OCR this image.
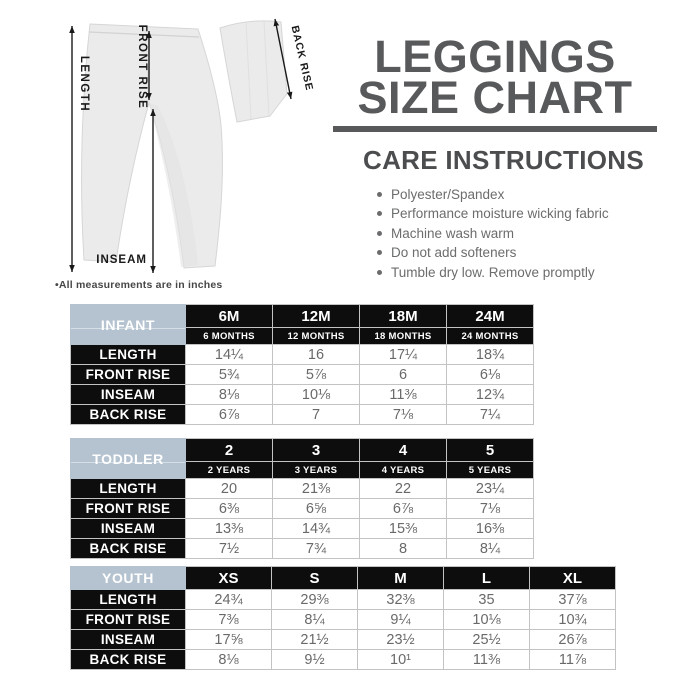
LENGTH	FRONT RISE
INSEAM
BACK RISE
•All measurements are in inches
LEGGINGS
SIZE CHART
CARE INSTRUCTIONS
Polyester/Spandex
Performance moisture wicking fabric
Machine wash warm
Do not add softeners
Tumble dry low. Remove promptly
INFANT	6M	12M	18M	24M
	6 MONTHS	12 MONTHS	18 MONTHS	24 MONTHS
LENGTH	14¼	16	17¼	18¾
FRONT RISE	5¾	5⅞	6	6⅛
INSEAM	8⅛	10⅛	11⅜	12¾
BACK RISE	6⅞	7	7⅛	7¼
TODDLER	2	3	4	5
	2 YEARS	3 YEARS	4 YEARS	5 YEARS
LENGTH	20	21⅜	22	23¼
FRONT RISE	6⅜	6⅝	6⅞	7⅛
INSEAM	13⅜	14¾	15⅜	16⅜
BACK RISE	7½	7¾	8	8¼
YOUTH	XS	S	M	L	XL
LENGTH	24¾	29⅜	32⅜	35	37⅞
FRONT RISE	7⅜	8¼	9¼	10⅛	10¾
INSEAM	17⅝	21½	23½	25½	26⅞
BACK RISE	8⅛	9½	10¹	11⅜	11⅞
